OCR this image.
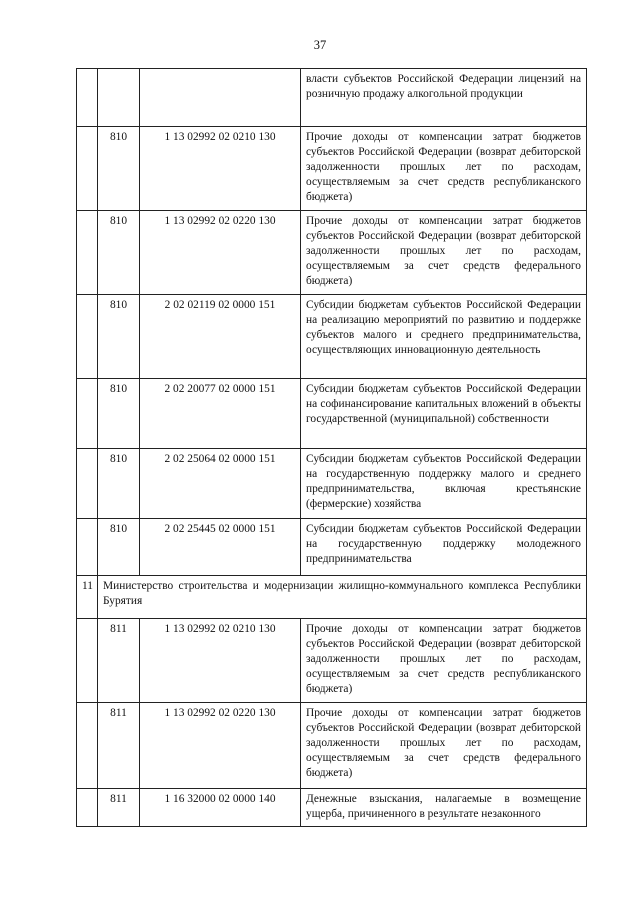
37
			власти субъектов Российской Федерации лицензий на розничную продажу алкогольной продукции
	810	1 13 02992 02 0210 130	Прочие доходы от компенсации затрат бюджетов субъектов Российской Федерации (возврат дебиторской задолженности прошлых лет по расходам, осуществляемым за счет средств республиканского бюджета)
	810	1 13 02992 02 0220 130	Прочие доходы от компенсации затрат бюджетов субъектов Российской Федерации (возврат дебиторской задолженности прошлых лет по расходам, осуществляемым за счет средств федерального бюджета)
	810	2 02 02119 02 0000 151	Субсидии бюджетам субъектов Российской Федерации на реализацию мероприятий по развитию и поддержке субъектов малого и среднего предпринимательства, осуществляющих инновационную деятельность
	810	2 02 20077 02 0000 151	Субсидии бюджетам субъектов Российской Федерации на софинансирование капитальных вложений в объекты государственной (муниципальной) собственности
	810	2 02 25064 02 0000 151	Субсидии бюджетам субъектов Российской Федерации на государственную поддержку малого и среднего предпринимательства, включая крестьянские (фермерские) хозяйства
	810	2 02 25445 02 0000 151	Субсидии бюджетам субъектов Российской Федерации на государственную поддержку молодежного предпринимательства
11	Министерство строительства и модернизации жилищно-коммунального комплекса Республики Бурятия		
	811	1 13 02992 02 0210 130	Прочие доходы от компенсации затрат бюджетов субъектов Российской Федерации (возврат дебиторской задолженности прошлых лет по расходам, осуществляемым за счет средств республиканского бюджета)
	811	1 13 02992 02 0220 130	Прочие доходы от компенсации затрат бюджетов субъектов Российской Федерации (возврат дебиторской задолженности прошлых лет по расходам, осуществляемым за счет средств федерального бюджета)
	811	1 16 32000 02 0000 140	Денежные взыскания, налагаемые в возмещение ущерба, причиненного в результате незаконного
